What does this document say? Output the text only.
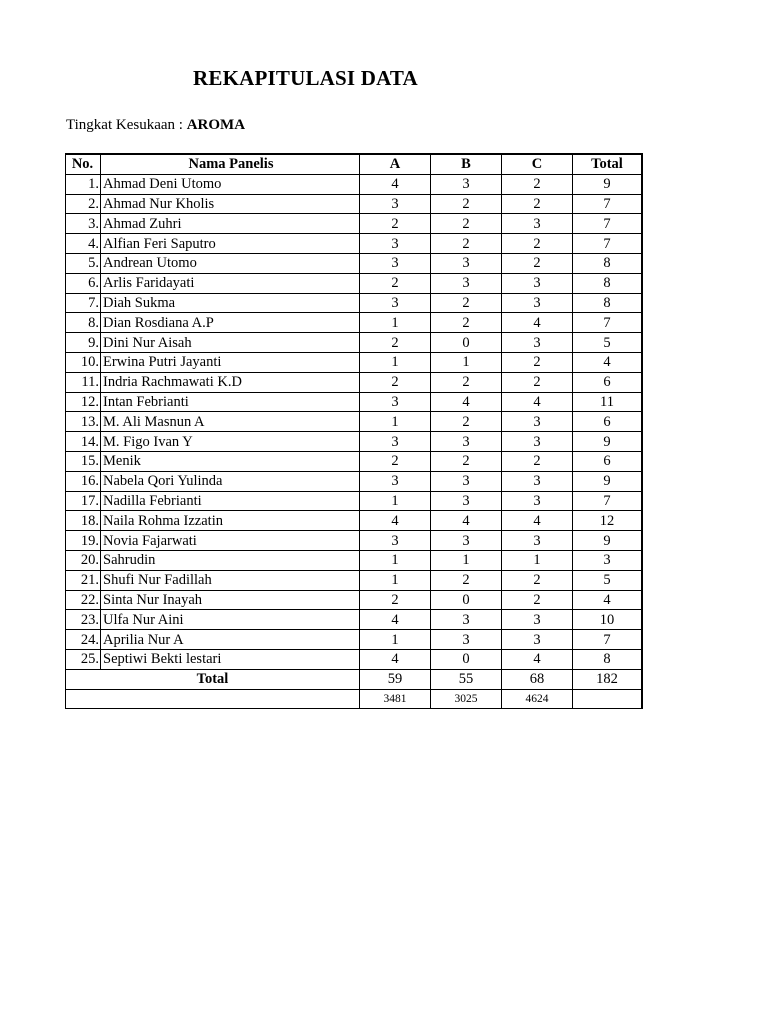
REKAPITULASI DATA
Tingkat Kesukaan : AROMA
No.	Nama Panelis	A	B	C	Total
1.	Ahmad Deni Utomo	4	3	2	9
2.	Ahmad Nur Kholis	3	2	2	7
3.	Ahmad Zuhri	2	2	3	7
4.	Alfian Feri Saputro	3	2	2	7
5.	Andrean Utomo	3	3	2	8
6.	Arlis Faridayati	2	3	3	8
7.	Diah Sukma	3	2	3	8
8.	Dian Rosdiana A.P	1	2	4	7
9.	Dini Nur Aisah	2	0	3	5
10.	Erwina Putri Jayanti	1	1	2	4
11.	Indria Rachmawati K.D	2	2	2	6
12.	Intan Febrianti	3	4	4	11
13.	M. Ali Masnun A	1	2	3	6
14.	M. Figo Ivan Y	3	3	3	9
15.	Menik	2	2	2	6
16.	Nabela Qori Yulinda	3	3	3	9
17.	Nadilla Febrianti	1	3	3	7
18.	Naila Rohma Izzatin	4	4	4	12
19.	Novia Fajarwati	3	3	3	9
20.	Sahrudin	1	1	1	3
21.	Shufi Nur Fadillah	1	2	2	5
22.	Sinta Nur Inayah	2	0	2	4
23.	Ulfa Nur Aini	4	3	3	10
24.	Aprilia Nur A	1	3	3	7
25.	Septiwi Bekti lestari	4	0	4	8
Total		59	55	68	182
		3481	3025	4624	
